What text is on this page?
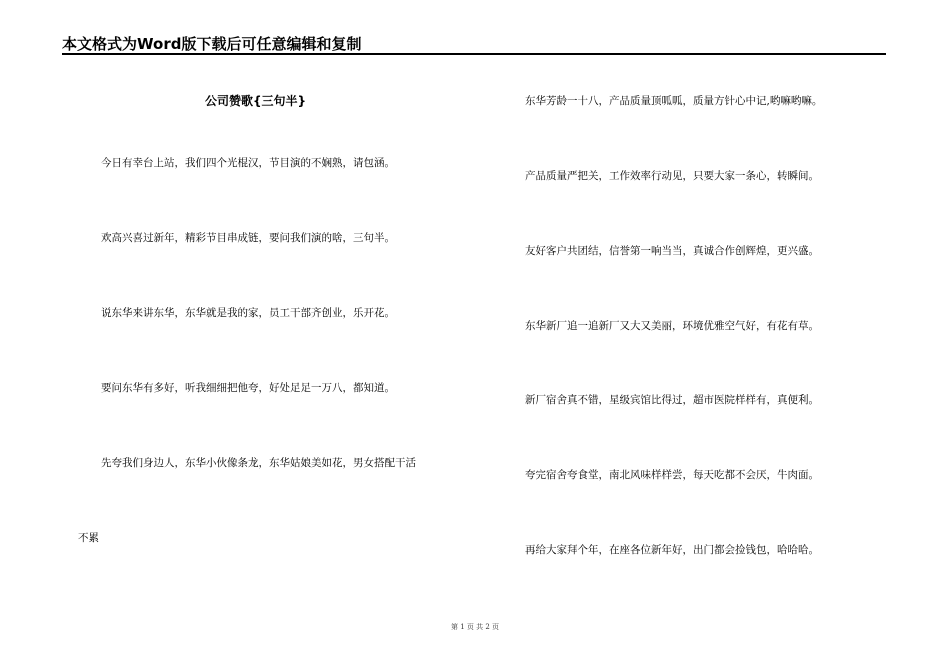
本文格式为Word版下载后可任意编辑和复制
公司赞歌{三句半}
今日有幸台上站，我们四个光棍汉，节目演的不娴熟，请包涵。
欢高兴喜过新年，精彩节目串成链，要问我们演的啥，三句半。
说东华来讲东华，东华就是我的家，员工干部齐创业，乐开花。
要问东华有多好，听我细细把他夸，好处足足一万八，都知道。
先夸我们身边人，东华小伙像条龙，东华姑娘美如花，男女搭配干活
不累
东华芳龄一十八，产品质量顶呱呱，质量方针心中记,哟嘛哟嘛。
产品质量严把关，工作效率行动见，只要大家一条心，转瞬间。
友好客户共团结，信誉第一响当当，真诚合作创辉煌，更兴盛。
东华新厂追一追新厂又大又美丽，环境优雅空气好，有花有草。
新厂宿舍真不错，星级宾馆比得过，超市医院样样有，真便利。
夸完宿舍夸食堂，南北风味样样尝，每天吃都不会厌，牛肉面。
再给大家拜个年，在座各位新年好，出门都会捡钱包，哈哈哈。
第 1 页 共 2 页
